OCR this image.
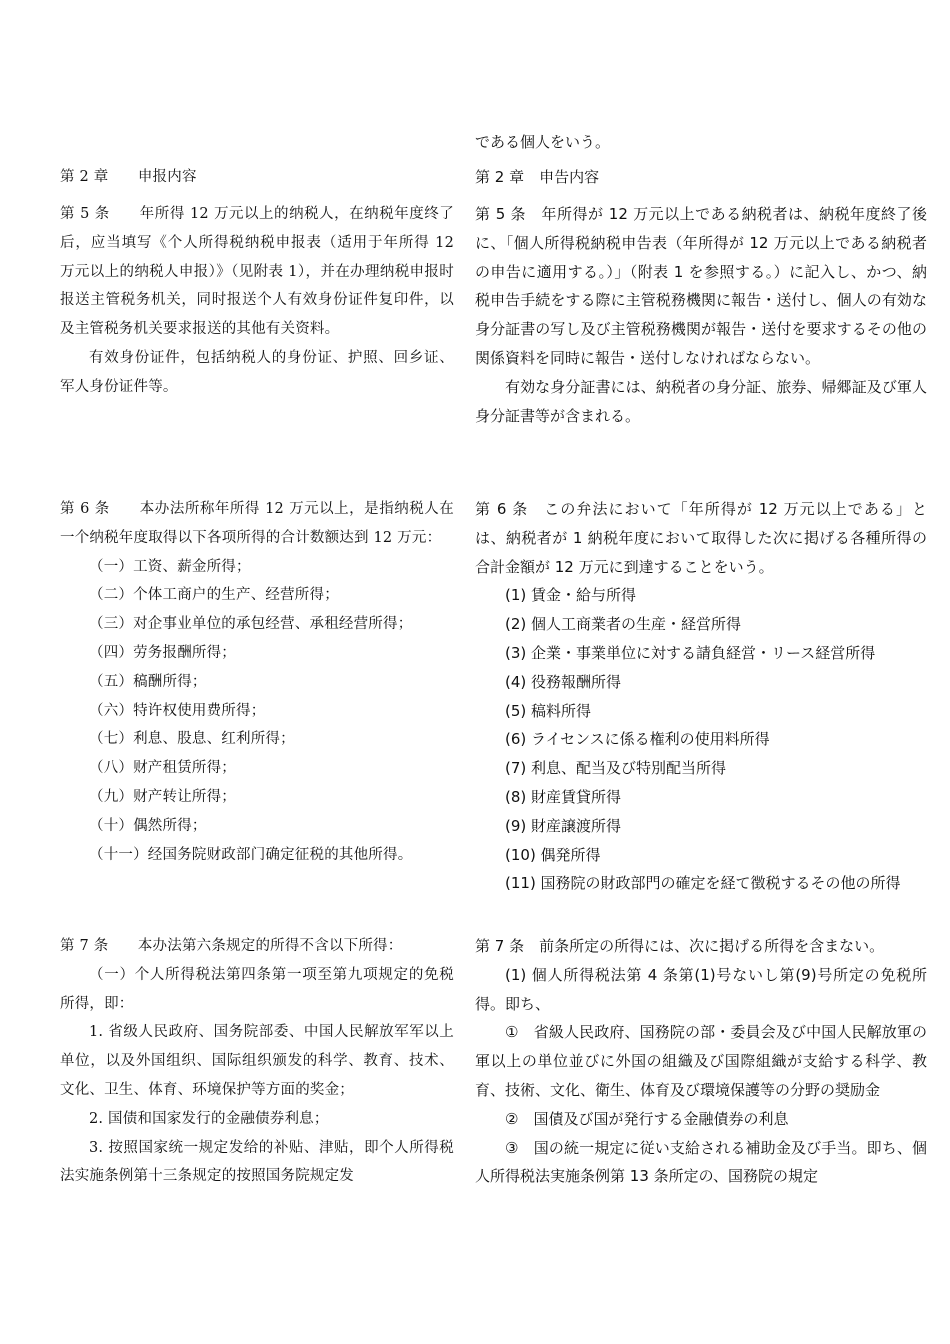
第 2 章　　申报内容

第 5 条　　年所得 12 万元以上的纳税人，在纳税年度终了后，应当填写《个人所得税纳税申报表（适用于年所得 12 万元以上的纳税人申报）》（见附表 1），并在办理纳税申报时报送主管税务机关，同时报送个人有效身份证件复印件，以及主管税务机关要求报送的其他有关资料。

有效身份证件，包括纳税人的身份证、护照、回乡证、军人身份证件等。

第 6 条　　本办法所称年所得 12 万元以上，是指纳税人在一个纳税年度取得以下各项所得的合计数额达到 12 万元：

（一）工资、薪金所得；

（二）个体工商户的生产、经营所得；

（三）对企事业单位的承包经营、承租经营所得；

（四）劳务报酬所得；

（五）稿酬所得；

（六）特许权使用费所得；

（七）利息、股息、红利所得；

（八）财产租赁所得；

（九）财产转让所得；

（十）偶然所得；

（十一）经国务院财政部门确定征税的其他所得。

第 7 条　　本办法第六条规定的所得不含以下所得：

（一）个人所得税法第四条第一项至第九项规定的免税所得，即：

1. 省级人民政府、国务院部委、中国人民解放军军以上单位，以及外国组织、国际组织颁发的科学、教育、技术、文化、卫生、体育、环境保护等方面的奖金；

2. 国债和国家发行的金融债券利息；

3. 按照国家统一规定发给的补贴、津贴，即个人所得税法实施条例第十三条规定的按照国务院规定发

である個人をいう。

第 2 章　申告内容

第 5 条　年所得が 12 万元以上である納税者は、納税年度終了後に、「個人所得税納税申告表（年所得が 12 万元以上である納税者の申告に適用する。）」（附表 1 を参照する。）に記入し、かつ、納税申告手続をする際に主管税務機関に報告・送付し、個人の有効な身分証書の写し及び主管税務機関が報告・送付を要求するその他の関係資料を同時に報告・送付しなければならない。

有効な身分証書には、納税者の身分証、旅券、帰郷証及び軍人身分証書等が含まれる。

第 6 条　この弁法において「年所得が 12 万元以上である」とは、納税者が 1 納税年度において取得した次に掲げる各種所得の合計金額が 12 万元に到達することをいう。

(1) 賃金・給与所得

(2) 個人工商業者の生産・経営所得

(3) 企業・事業単位に対する請負経営・リース経営所得

(4) 役務報酬所得

(5) 稿料所得

(6) ライセンスに係る権利の使用料所得

(7) 利息、配当及び特別配当所得

(8) 財産賃貸所得

(9) 財産譲渡所得

(10) 偶発所得

(11) 国務院の財政部門の確定を経て徴税するその他の所得

第 7 条　前条所定の所得には、次に掲げる所得を含まない。

(1) 個人所得税法第 4 条第(1)号ないし第(9)号所定の免税所得。即ち、

①　省級人民政府、国務院の部・委員会及び中国人民解放軍の軍以上の単位並びに外国の組織及び国際組織が支給する科学、教育、技術、文化、衛生、体育及び環境保護等の分野の奨励金

②　国債及び国が発行する金融債券の利息

③　国の統一規定に従い支給される補助金及び手当。即ち、個人所得税法実施条例第 13 条所定の、国務院の規定
